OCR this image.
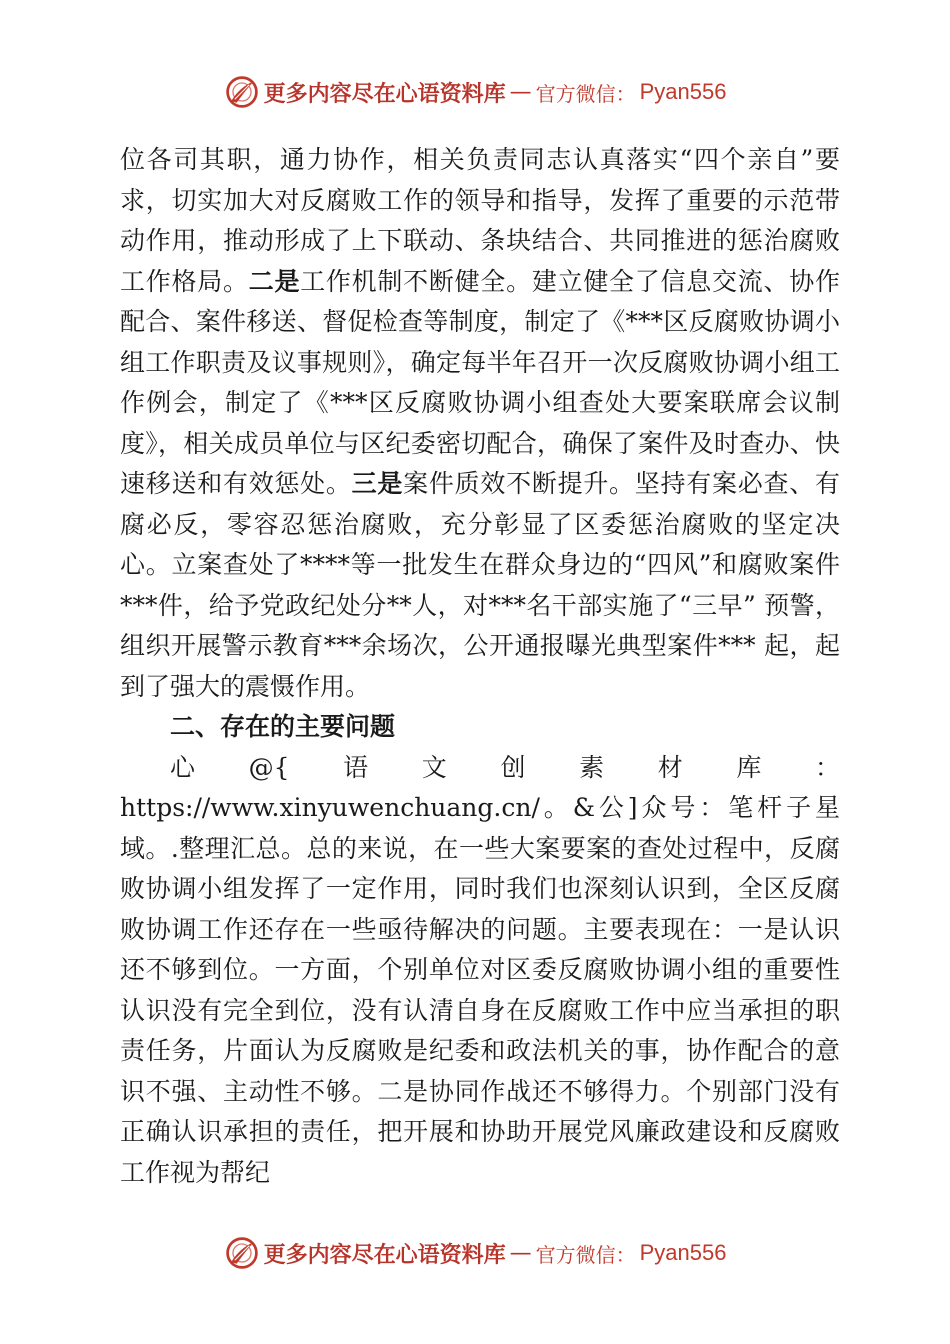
更多内容尽在心语资料库 — 官方微信： Pyan556

位各司其职，通力协作，相关负责同志认真落实“四个亲自”要求，切实加大对反腐败工作的领导和指导，发挥了重要的示范带动作用，推动形成了上下联动、条块结合、共同推进的惩治腐败工作格局。二是工作机制不断健全。建立健全了信息交流、协作配合、案件移送、督促检查等制度，制定了《***区反腐败协调小组工作职责及议事规则》，确定每半年召开一次反腐败协调小组工作例会，制定了《***区反腐败协调小组查处大要案联席会议制度》，相关成员单位与区纪委密切配合，确保了案件及时查办、快速移送和有效惩处。三是案件质效不断提升。坚持有案必查、有腐必反，零容忍惩治腐败，充分彰显了区委惩治腐败的坚定决心。立案查处了****等一批发生在群众身边的“四风”和腐败案件***件，给予党政纪处分**人，对***名干部实施了“三早” 预警，组织开展警示教育***余场次，公开通报曝光典型案件*** 起，起到了强大的震慑作用。

二、存在的主要问题

心@{语文创素材库：https://www.xinyuwenchuang.cn/。&公]众号：笔杆子星域。.整理汇总。总的来说，在一些大案要案的查处过程中，反腐败协调小组发挥了一定作用，同时我们也深刻认识到，全区反腐败协调工作还存在一些亟待解决的问题。主要表现在：一是认识还不够到位。一方面，个别单位对区委反腐败协调小组的重要性认识没有完全到位，没有认清自身在反腐败工作中应当承担的职责任务，片面认为反腐败是纪委和政法机关的事，协作配合的意识不强、主动性不够。二是协同作战还不够得力。个别部门没有正确认识承担的责任，把开展和协助开展党风廉政建设和反腐败工作视为帮纪

更多内容尽在心语资料库 — 官方微信： Pyan556
